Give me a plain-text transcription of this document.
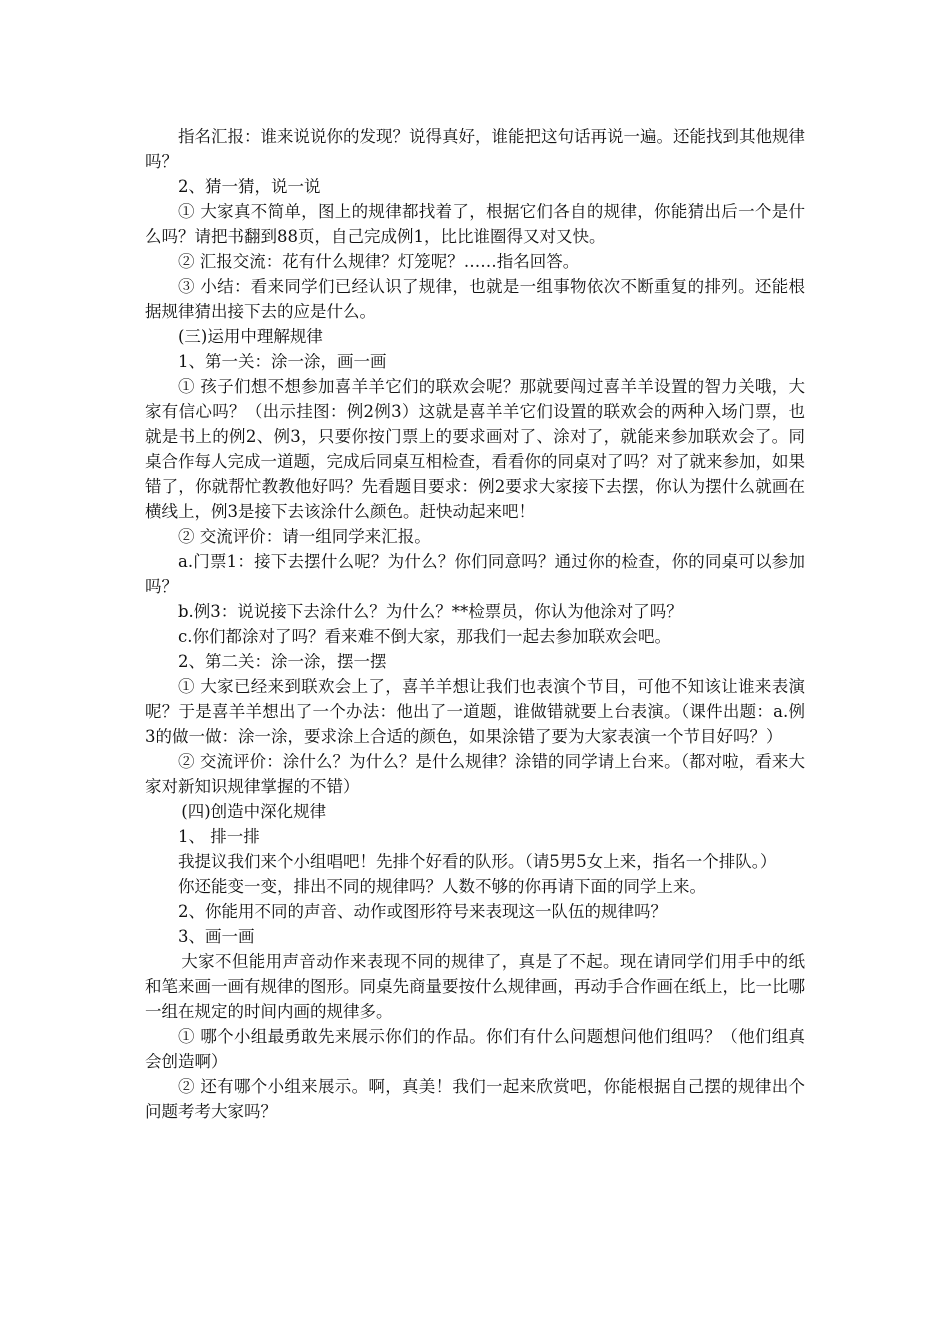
指名汇报：谁来说说你的发现？说得真好，谁能把这句话再说一遍。还能找到其他规律吗？

2、猜一猜，说一说

① 大家真不简单，图上的规律都找着了，根据它们各自的规律，你能猜出后一个是什么吗？请把书翻到88页，自己完成例1，比比谁圈得又对又快。

② 汇报交流：花有什么规律？灯笼呢？……指名回答。

③ 小结：看来同学们已经认识了规律，也就是一组事物依次不断重复的排列。还能根据规律猜出接下去的应是什么。

(三)运用中理解规律

1、第一关：涂一涂，画一画

① 孩子们想不想参加喜羊羊它们的联欢会呢？那就要闯过喜羊羊设置的智力关哦，大家有信心吗？（出示挂图：例2例3）这就是喜羊羊它们设置的联欢会的两种入场门票，也就是书上的例2、例3，只要你按门票上的要求画对了、涂对了，就能来参加联欢会了。同桌合作每人完成一道题，完成后同桌互相检查，看看你的同桌对了吗？对了就来参加，如果错了，你就帮忙教教他好吗？先看题目要求：例2要求大家接下去摆，你认为摆什么就画在横线上，例3是接下去该涂什么颜色。赶快动起来吧！

② 交流评价：请一组同学来汇报。

a.门票1：接下去摆什么呢？为什么？你们同意吗？通过你的检查，你的同桌可以参加吗？

b.例3：说说接下去涂什么？为什么？**检票员，你认为他涂对了吗？

c.你们都涂对了吗？看来难不倒大家，那我们一起去参加联欢会吧。

2、第二关：涂一涂，摆一摆

① 大家已经来到联欢会上了，喜羊羊想让我们也表演个节目，可他不知该让谁来表演呢？于是喜羊羊想出了一个办法：他出了一道题，谁做错就要上台表演。（课件出题：a.例3的做一做：涂一涂，要求涂上合适的颜色，如果涂错了要为大家表演一个节目好吗？）

② 交流评价：涂什么？为什么？是什么规律？涂错的同学请上台来。（都对啦，看来大家对新知识规律掌握的不错）

(四)创造中深化规律

1、 排一排

我提议我们来个小组唱吧！先排个好看的队形。（请5男5女上来，指名一个排队。）

你还能变一变，排出不同的规律吗？人数不够的你再请下面的同学上来。

2、你能用不同的声音、动作或图形符号来表现这一队伍的规律吗？

3、画一画

大家不但能用声音动作来表现不同的规律了，真是了不起。现在请同学们用手中的纸和笔来画一画有规律的图形。同桌先商量要按什么规律画，再动手合作画在纸上，比一比哪一组在规定的时间内画的规律多。

① 哪个小组最勇敢先来展示你们的作品。你们有什么问题想问他们组吗？（他们组真会创造啊）

② 还有哪个小组来展示。啊，真美！我们一起来欣赏吧，你能根据自己摆的规律出个问题考考大家吗？
